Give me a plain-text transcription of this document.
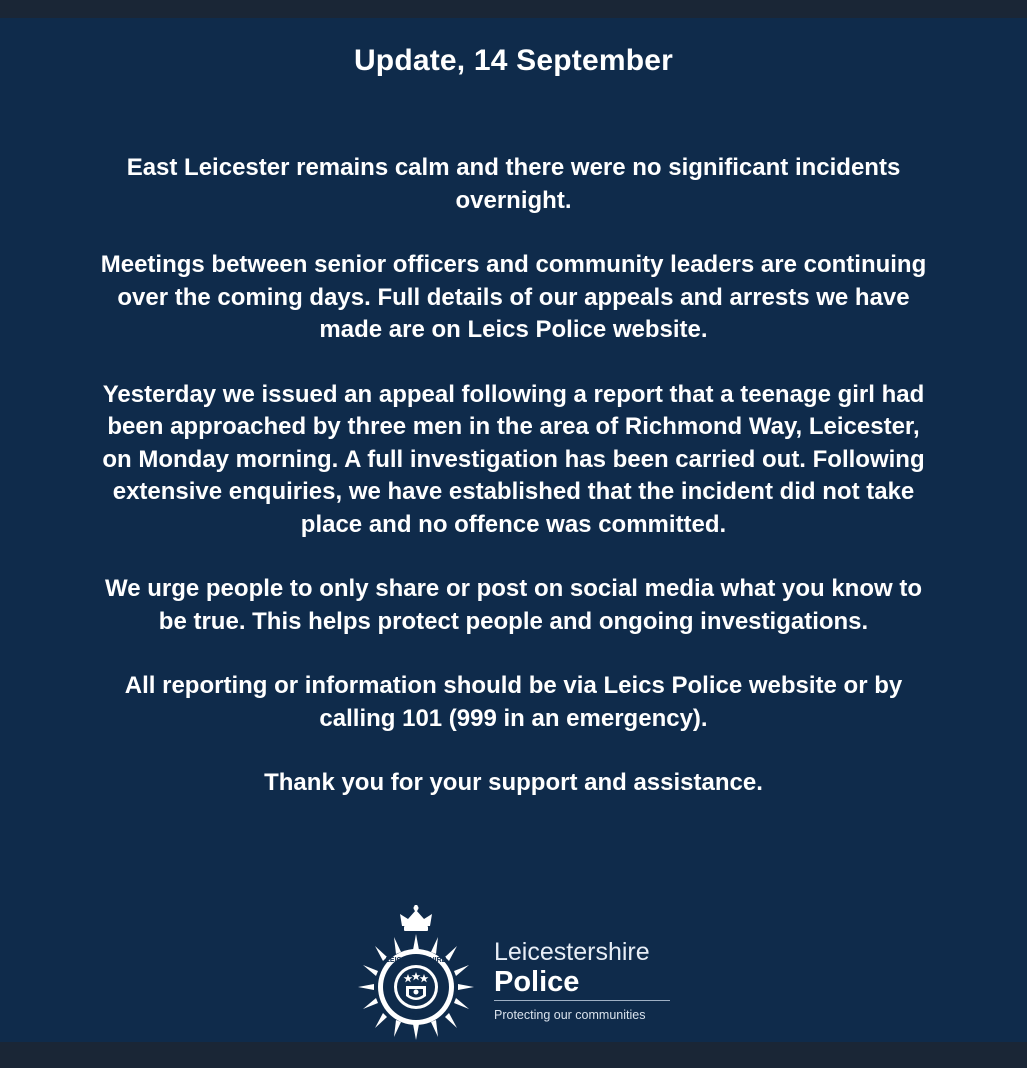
Update, 14 September

East Leicester remains calm and there were no significant incidents
overnight.

Meetings between senior officers and community leaders are continuing
over the coming days. Full details of our appeals and arrests we have
made are on Leics Police website.

Yesterday we issued an appeal following a report that a teenage girl had
been approached by three men in the area of Richmond Way, Leicester,
on Monday morning. A full investigation has been carried out. Following
extensive enquiries, we have established that the incident did not take
place and no offence was committed.

We urge people to only share or post on social media what you know to
be true. This helps protect people and ongoing investigations.

All reporting or information should be via Leics Police website or by
calling 101 (999 in an emergency).

Thank you for your support and assistance.

LEICESTERSHIRE
POLICE
Leicestershire
Police
Protecting our communities
